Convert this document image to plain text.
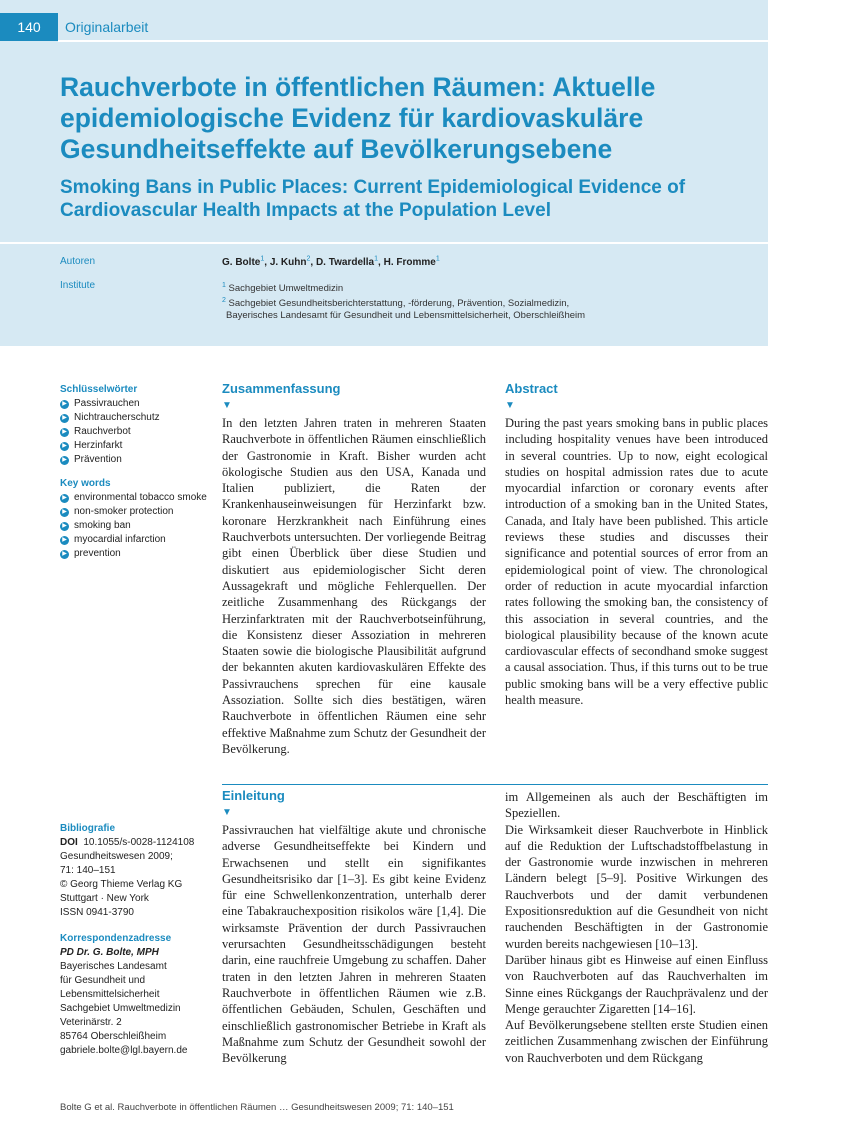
140	Originalarbeit
Rauchverbote in öffentlichen Räumen: Aktuelle epidemiologische Evidenz für kardiovaskuläre Gesundheitseffekte auf Bevölkerungsebene
Smoking Bans in Public Places: Current Epidemiological Evidence of Cardiovascular Health Impacts at the Population Level
Autoren	G. Bolte$^1$, J. Kuhn$^2$, D. Twardella$^1$, H. Fromme$^1$
Institute	$^1$ Sachgebiet Umweltmedizin
$^2$ Sachgebiet Gesundheitsberichterstattung, -förderung, Prävention, Sozialmedizin,
Bayerisches Landesamt für Gesundheit und Lebensmittelsicherheit, Oberschleißheim
Schlüsselwörter
▶ Passivrauchen
▶ Nichtraucherschutz
▶ Rauchverbot
▶ Herzinfarkt
▶ Prävention
Key words
▶ environmental tobacco smoke
▶ non-smoker protection
▶ smoking ban
▶ myocardial infarction
▶ prevention
Bibliografie
DOI 10.1055/s-0028-1124108
Gesundheitswesen 2009;
71: 140–151
© Georg Thieme Verlag KG
Stuttgart · New York
ISSN 0941-3790
Korrespondenzadresse
PD Dr. G. Bolte, MPH
Bayerisches Landesamt
für Gesundheit und
Lebensmittelsicherheit
Sachgebiet Umweltmedizin
Veterinärstr. 2
85764 Oberschleißheim
gabriele.bolte@lgl.bayern.de
Zusammenfassung
▼
In den letzten Jahren traten in mehreren Staaten Rauchverbote in öffentlichen Räumen einschließlich der Gastronomie in Kraft. Bisher wurden acht ökologische Studien aus den USA, Kanada und Italien publiziert, die Raten der Krankenhauseinweisungen für Herzinfarkt bzw. koronare Herzkrankheit nach Einführung eines Rauchverbots untersuchten. Der vorliegende Beitrag gibt einen Überblick über diese Studien und diskutiert aus epidemiologischer Sicht deren Aussagekraft und mögliche Fehlerquellen. Der zeitliche Zusammenhang des Rückgangs der Herzinfarktraten mit der Rauchverbotseinführung, die Konsistenz dieser Assoziation in mehreren Staaten sowie die biologische Plausibilität aufgrund der bekannten akuten kardiovaskulären Effekte des Passivrauchens sprechen für eine kausale Assoziation. Sollte sich dies bestätigen, wären Rauchverbote in öffentlichen Räumen eine sehr effektive Maßnahme zum Schutz der Gesundheit der Bevölkerung.
Abstract
▼
During the past years smoking bans in public places including hospitality venues have been introduced in several countries. Up to now, eight ecological studies on hospital admission rates due to acute myocardial infarction or coronary events after introduction of a smoking ban in the United States, Canada, and Italy have been published. This article reviews these studies and discusses their significance and potential sources of error from an epidemiological point of view. The chronological order of reduction in acute myocardial infarction rates following the smoking ban, the consistency of this association in several countries, and the biological plausibility because of the known acute cardiovascular effects of secondhand smoke suggest a causal association. Thus, if this turns out to be true public smoking bans will be a very effective public health measure.
Einleitung
▼
Passivrauchen hat vielfältige akute und chronische adverse Gesundheitseffekte bei Kindern und Erwachsenen und stellt ein signifikantes Gesundheitsrisiko dar [1–3]. Es gibt keine Evidenz für eine Schwellenkonzentration, unterhalb derer eine Tabakrauchexposition risikolos wäre [1,4]. Die wirksamste Prävention der durch Passivrauchen verursachten Gesundheitsschädigungen besteht darin, eine rauchfreie Umgebung zu schaffen. Daher traten in den letzten Jahren in mehreren Staaten Rauchverbote in öffentlichen Räumen wie z.B. öffentlichen Gebäuden, Schulen, Geschäften und einschließlich gastronomischer Betriebe in Kraft als Maßnahme zum Schutz der Gesundheit sowohl der Bevölkerung

im Allgemeinen als auch der Beschäftigten im Speziellen.

Die Wirksamkeit dieser Rauchverbote in Hinblick auf die Reduktion der Luftschadstoffbelastung in der Gastronomie wurde inzwischen in mehreren Ländern belegt [5–9]. Positive Wirkungen des Rauchverbots und der damit verbundenen Expositionsreduktion auf die Gesundheit von nicht rauchenden Beschäftigten in der Gastronomie wurden bereits nachgewiesen [10–13].

Darüber hinaus gibt es Hinweise auf einen Einfluss von Rauchverboten auf das Rauchverhalten im Sinne eines Rückgangs der Rauchprävalenz und der Menge gerauchter Zigaretten [14–16].

Auf Bevölkerungsebene stellten erste Studien einen zeitlichen Zusammenhang zwischen der Einführung von Rauchverboten und dem Rückgang

Bolte G et al. Rauchverbote in öffentlichen Räumen … Gesundheitswesen 2009; 71: 140–151
